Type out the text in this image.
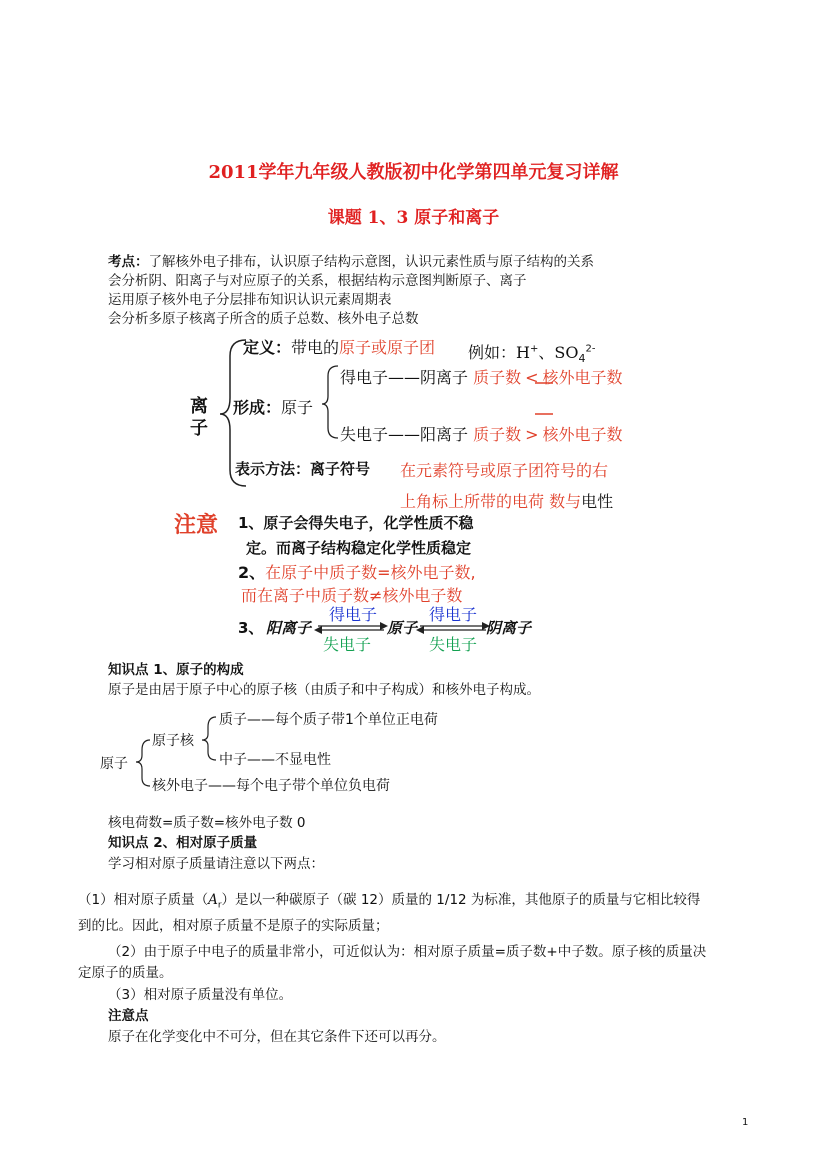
2011学年九年级人教版初中化学第四单元复习详解
课题 1、3 原子和离子
考点：了解核外电子排布，认识原子结构示意图，认识元素性质与原子结构的关系
会分析阴、阳离子与对应原子的关系，根据结构示意图判断原子、离子
运用原子核外电子分层排布知识认识元素周期表
会分析多原子核离子所含的质子总数、核外电子总数
离
子
定义：带电的原子或原子团 例如：H+、$SO_4^{2-}$
形成：原子
得电子——阴离子 质子数 < 核外电子数
失电子——阳离子 质子数 > 核外电子数
表示方法：离子符号 在元素符号或原子团符号的右
上角标上所带的电荷 数与电性
注意 1、原子会得失电子，化学性质不稳
定。而离子结构稳定化学性质稳定
2、在原子中质子数=核外电子数,
而在离子中质子数≠核外电子数
3、 阳离子	原子	阴离子
得电子
失电子
得电子
失电子
知识点 1、原子的构成
原子是由居于原子中心的原子核（由质子和中子构成）和核外电子构成。
原子
原子核
质子——每个质子带1个单位正电荷
中子——不显电性
核外电子——每个电子带个单位负电荷
核电荷数=质子数=核外电子数 0
知识点 2、相对原子质量
学习相对原子质量请注意以下两点：
（1）相对原子质量$(A_r)$是以一种碳原子（碳 12）质量的 1/12 为标准，其他原子的质量与它相比较得
到的比。因此，相对原子质量不是原子的实际质量；
（2）由于原子中电子的质量非常小，可近似认为：相对原子质量=质子数+中子数。原子核的质量决
定原子的质量。
（3）相对原子质量没有单位。
注意点
原子在化学变化中不可分，但在其它条件下还可以再分。
1
